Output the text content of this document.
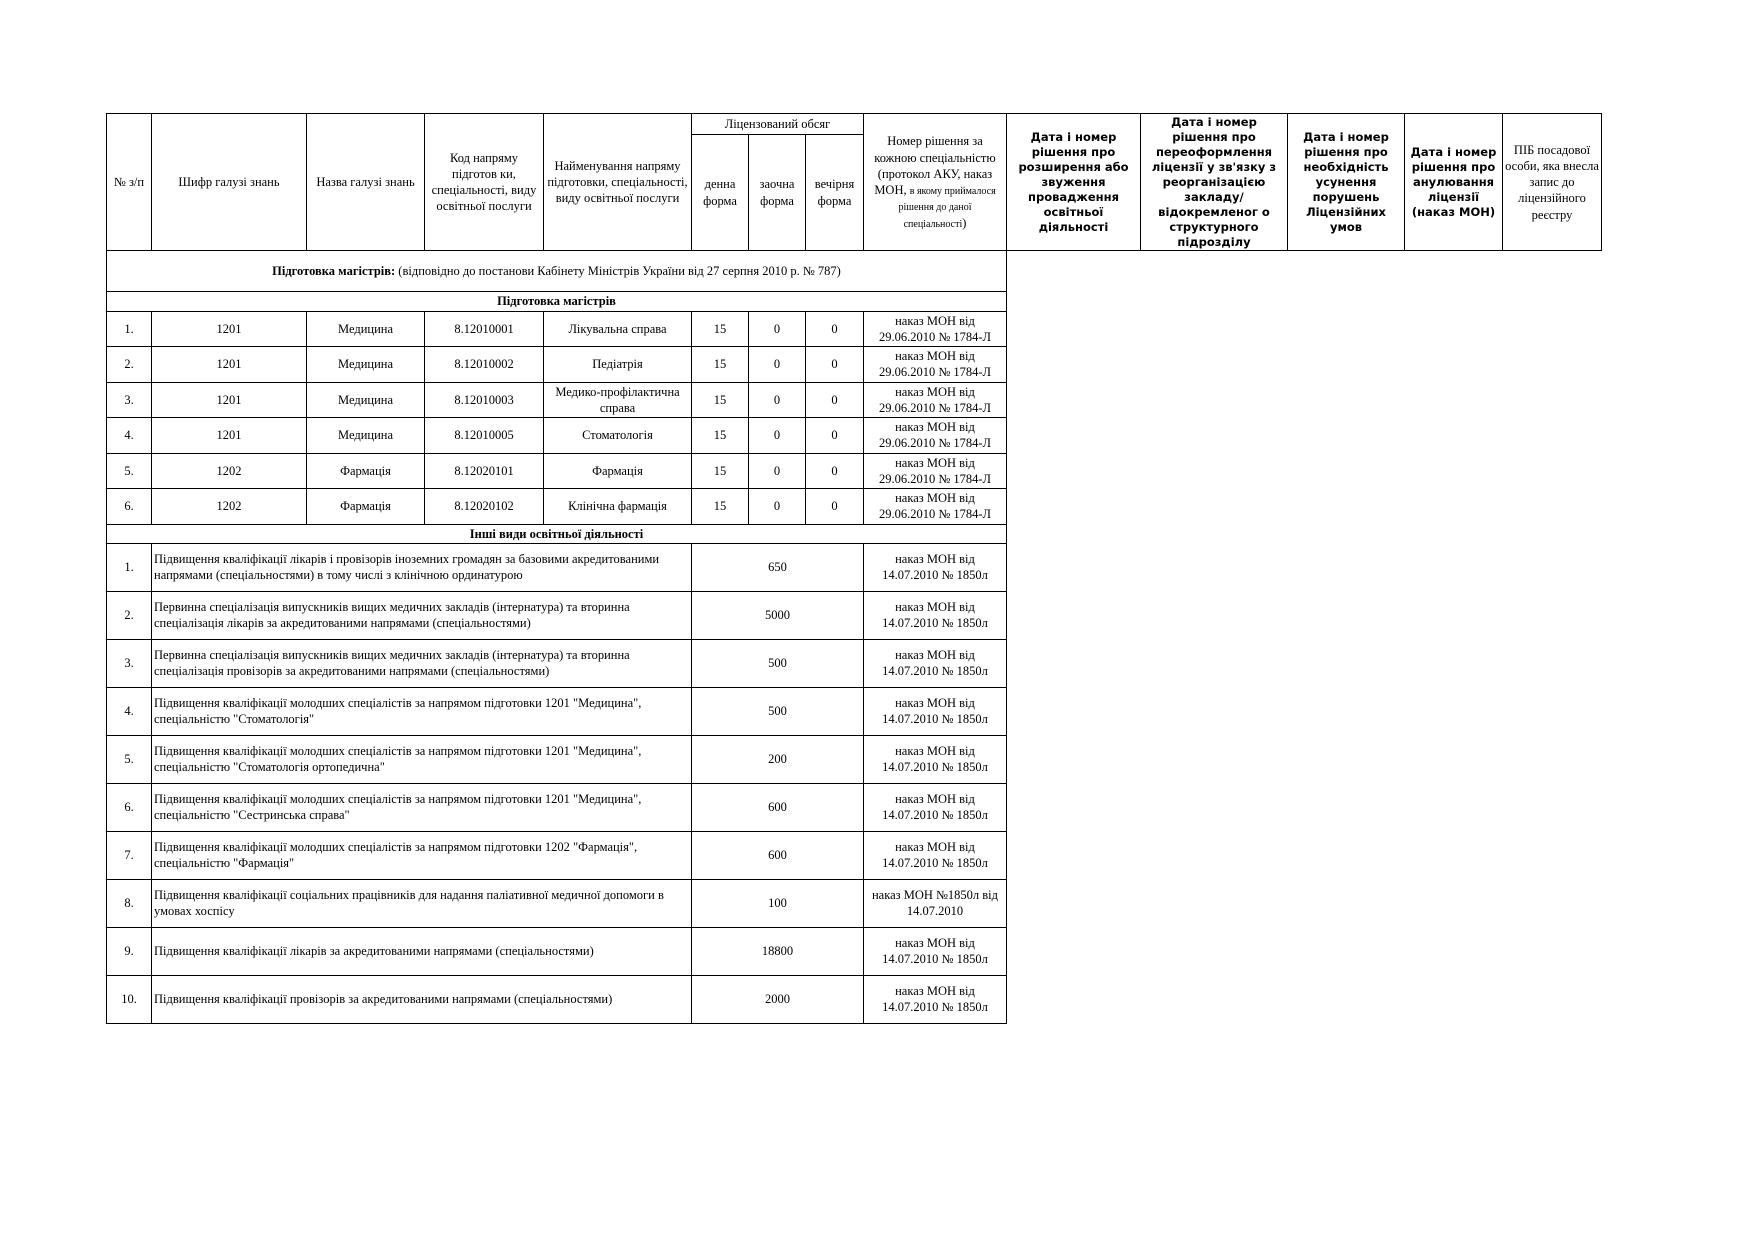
№ з/п	Шифр галузі знань	Назва галузі знань	Код напряму підготов ки, спеціальності, виду освітньої послуги	Найменування напряму підготовки, спеціальності, виду освітньої послуги	Ліцензований обсяг			Номер рішення за кожною спеціальністю (протокол АКУ, наказ МОН, в якому приймалося рішення до даної спеціальності)	Дата і номер рішення про розширення або звуження провадження освітньої діяльності	Дата і номер рішення про переоформлення ліцензії у зв'язку з реорганізацією закладу/відокремленог о структурного підрозділу	Дата і номер рішення про необхідність усунення порушень Ліцензійних умов	Дата і номер рішення про анулювання ліцензії (наказ МОН)	ПІБ посадової особи, яка внесла запис до ліцензійного реєстру
					денна форма	заочна форма	вечірня форма						
Підготовка магістрів: (відповідно до постанови Кабінету Міністрів України від 27 серпня 2010 р. № 787)													
Підготовка магістрів													
1.	1201	Медицина	8.12010001	Лікувальна справа	15	0	0	наказ МОН від 29.06.2010 № 1784-Л					
2.	1201	Медицина	8.12010002	Педіатрія	15	0	0	наказ МОН від 29.06.2010 № 1784-Л					
3.	1201	Медицина	8.12010003	Медико-профілактична справа	15	0	0	наказ МОН від 29.06.2010 № 1784-Л					
4.	1201	Медицина	8.12010005	Стоматологія	15	0	0	наказ МОН від 29.06.2010 № 1784-Л					
5.	1202	Фармація	8.12020101	Фармація	15	0	0	наказ МОН від 29.06.2010 № 1784-Л					
6.	1202	Фармація	8.12020102	Клінічна фармація	15	0	0	наказ МОН від 29.06.2010 № 1784-Л					
Інші види освітньої діяльності													
1.	Підвищення кваліфікації лікарів і провізорів іноземних громадян за базовими акредитованими напрямами (спеціальностями) в тому числі з клінічною ординатурою				650			наказ МОН від 14.07.2010 № 1850л					
2.	Первинна спеціалізація випускників вищих медичних закладів (інтернатура) та вторинна спеціалізація лікарів за акредитованими напрямами (спеціальностями)				5000			наказ МОН від 14.07.2010 № 1850л					
3.	Первинна спеціалізація випускників вищих медичних закладів (інтернатура) та вторинна спеціалізація провізорів за акредитованими напрямами (спеціальностями)				500			наказ МОН від 14.07.2010 № 1850л					
4.	Підвищення кваліфікації молодших спеціалістів за напрямом підготовки 1201 "Медицина", спеціальністю "Стоматологія"				500			наказ МОН від 14.07.2010 № 1850л					
5.	Підвищення кваліфікації молодших спеціалістів за напрямом підготовки 1201 "Медицина", спеціальністю "Стоматологія ортопедична"				200			наказ МОН від 14.07.2010 № 1850л					
6.	Підвищення кваліфікації молодших спеціалістів за напрямом підготовки 1201 "Медицина", спеціальністю "Сестринська справа"				600			наказ МОН від 14.07.2010 № 1850л					
7.	Підвищення кваліфікації молодших спеціалістів за напрямом підготовки 1202 "Фармація", спеціальністю "Фармація"				600			наказ МОН від 14.07.2010 № 1850л					
8.	Підвищення кваліфікації соціальних працівників для надання паліативної медичної допомоги в умовах хоспісу				100			наказ МОН №1850л від 14.07.2010					
9.	Підвищення кваліфікації лікарів за акредитованими напрямами (спеціальностями)				18800			наказ МОН від 14.07.2010 № 1850л					
10.	Підвищення кваліфікації провізорів за акредитованими напрямами (спеціальностями)				2000			наказ МОН від 14.07.2010 № 1850л					
